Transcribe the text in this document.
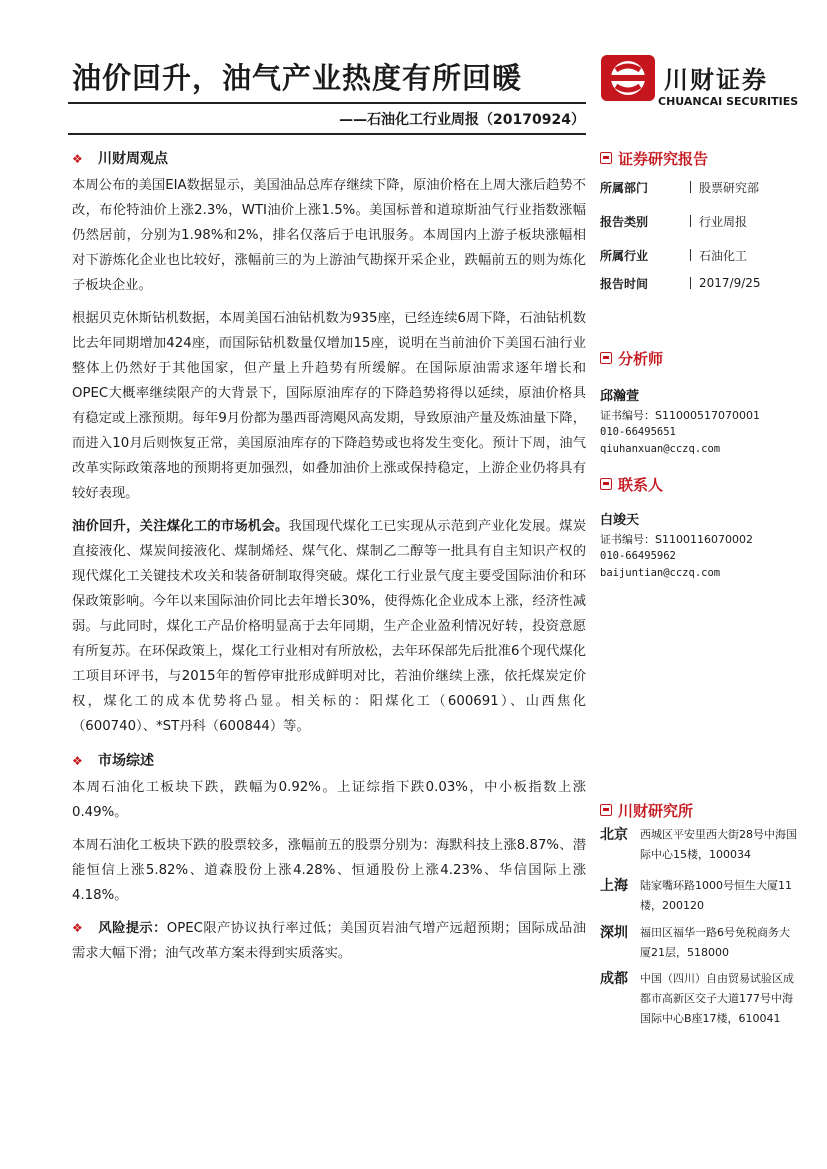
油价回升，油气产业热度有所回暖
——石油化工行业周报（20170924）
川财证券
CHUANCAI SECURITIES
❖ 川财周观点

本周公布的美国EIA数据显示，美国油品总库存继续下降，原油价格在上周大涨后趋势不改，布伦特油价上涨2.3%，WTI油价上涨1.5%。美国标普和道琼斯油气行业指数涨幅仍然居前，分别为1.98%和2%，排名仅落后于电讯服务。本周国内上游子板块涨幅相对下游炼化企业也比较好，涨幅前三的为上游油气勘探开采企业，跌幅前五的则为炼化子板块企业。

根据贝克休斯钻机数据，本周美国石油钻机数为935座，已经连续6周下降，石油钻机数比去年同期增加424座，而国际钻机数量仅增加15座，说明在当前油价下美国石油行业整体上仍然好于其他国家，但产量上升趋势有所缓解。在国际原油需求逐年增长和OPEC大概率继续限产的大背景下，国际原油库存的下降趋势将得以延续，原油价格具有稳定或上涨预期。每年9月份都为墨西哥湾飓风高发期，导致原油产量及炼油量下降，而进入10月后则恢复正常，美国原油库存的下降趋势或也将发生变化。预计下周，油气改革实际政策落地的预期将更加强烈，如叠加油价上涨或保持稳定，上游企业仍将具有较好表现。

油价回升，关注煤化工的市场机会。我国现代煤化工已实现从示范到产业化发展。煤炭直接液化、煤炭间接液化、煤制烯烃、煤气化、煤制乙二醇等一批具有自主知识产权的现代煤化工关键技术攻关和装备研制取得突破。煤化工行业景气度主要受国际油价和环保政策影响。今年以来国际油价同比去年增长30%，使得炼化企业成本上涨，经济性减弱。与此同时，煤化工产品价格明显高于去年同期，生产企业盈利情况好转，投资意愿有所复苏。在环保政策上，煤化工行业相对有所放松，去年环保部先后批准6个现代煤化工项目环评书，与2015年的暂停审批形成鲜明对比，若油价继续上涨，依托煤炭定价权，煤化工的成本优势将凸显。相关标的：阳煤化工（600691）、山西焦化（600740）、*ST丹科（600844）等。

❖ 市场综述

本周石油化工板块下跌，跌幅为0.92%。上证综指下跌0.03%，中小板指数上涨0.49%。

本周石油化工板块下跌的股票较多，涨幅前五的股票分别为：海默科技上涨8.87%、潜能恒信上涨5.82%、道森股份上涨4.28%、恒通股份上涨4.23%、华信国际上涨4.18%。

❖ 风险提示：OPEC限产协议执行率过低；美国页岩油气增产远超预期；国际成品油需求大幅下滑；油气改革方案未得到实质落实。

证券研究报告
所属部门	股票研究部
报告类别	行业周报
所属行业	石油化工
报告时间	2017/9/25
分析师
邱瀚萱
证书编号：S1100051707000​1
010-66495651
qiuhanxuan@cczq.com
联系人
白竣天
证书编号：S1100116070002
010-66495962
baijuntian@cczq.com
川财研究所
北京	西城区平安里西大街28号中海国际中心15楼，100034
上海	陆家嘴环路1000号恒生大厦11楼，200120
深圳	福田区福华一路6号免税商务大厦21层，518000
成都	中国（四川）自由贸易试验区成都市高新区交子大道177号中海国际中心B座17楼，610041
